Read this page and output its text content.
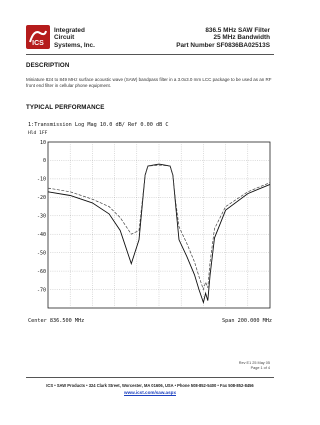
ICS
Integrated
Circuit
Systems, Inc.
836.5 MHz SAW Filter
25 MHz Bandwidth
Part Number SF0836BA02513S
DESCRIPTION
Miniature 824 to 849 MHz surface acoustic wave (SAW) bandpass filter in a 3.0x3.0 mm LCC package to be used as an RF front end filter in cellular phone equipment.
TYPICAL PERFORMANCE
1:Transmission Log Mag 10.0 dB/ Ref 0.00 dB C
Hld 1FF
10
0
-10
-20
-30
-40
-50
-60
-70
Center 836.500 MHz	Span 200.000 MHz
Rev E1 25 May 05
Page 1 of 4
ICS • SAW Products • 324 Clark Street, Worcester, MA 01606, USA • Phone 508-852-5400 • Fax 508-852-8456
www.icst.com/saw.aspx
